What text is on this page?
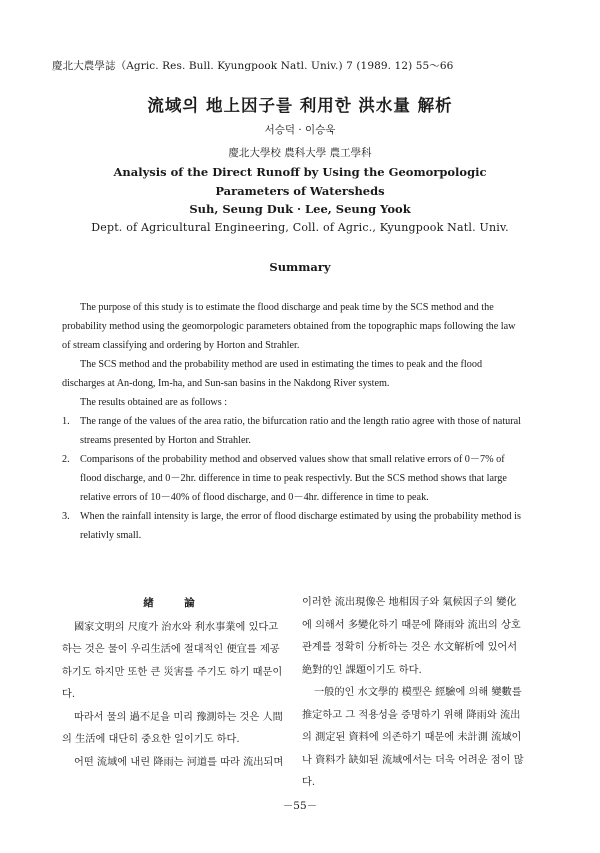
慶北大農學誌（Agric. Res. Bull. Kyungpook Natl. Univ.) 7 (1989. 12) 55～66
流域의 地上因子를 利用한 洪水量 解析
서승덕 · 이승욱
慶北大學校 農科大學 農工學科
Analysis of the Direct Runoff by Using the Geomorpologic
Parameters of Watersheds
Suh, Seung Duk · Lee, Seung Yook
Dept. of Agricultural Engineering, Coll. of Agric., Kyungpook Natl. Univ.
Summary

The purpose of this study is to estimate the flood discharge and peak time by the SCS method and the probability method using the geomorpologic parameters obtained from the topographic maps following the law of stream classifying and ordering by Horton and Strahler.

The SCS method and the probability method are used in estimating the times to peak and the flood discharges at An-dong, Im-ha, and Sun-san basins in the Nakdong River system.

The results obtained are as follows :

1.	The range of the values of the area ratio, the bifurcation ratio and the length ratio agree with those of natural streams presented by Horton and Strahler.
2.	Comparisons of the probability method and observed values show that small relative errors of 0－7% of flood discharge, and 0－2hr. difference in time to peak respectivly. But the SCS method shows that large relative errors of 10－40% of flood discharge, and 0－4hr. difference in time to peak.
3.	When the rainfall intensity is large, the error of flood discharge estimated by using the probability method is relativly small.
緖　論

國家文明의 尺度가 治水와 利水事業에 있다고 하는 것은 물이 우리生活에 절대적인 便宜를 제공하기도 하지만 또한 큰 災害를 주기도 하기 때문이다.

따라서 물의 過不足을 미리 豫測하는 것은 人間의 生活에 대단히 중요한 일이기도 하다.

어떤 流域에 내린 降雨는 河道를 따라 流出되며

이러한 流出現像은 地相因子와 氣候因子의 變化에 의해서 多變化하기 때문에 降雨와 流出의 상호관계를 정확히 分析하는 것은 水文解析에 있어서 絶對的인 課題이기도 하다.

一般的인 水文學的 模型은 經驗에 의해 變數를 推定하고 그 적용성을 증명하기 위해 降雨와 流出의 測定된 資料에 의존하기 때문에 未計測 流域이나 資料가 缺如된 流域에서는 더욱 어려운 점이 많다.

－55－
